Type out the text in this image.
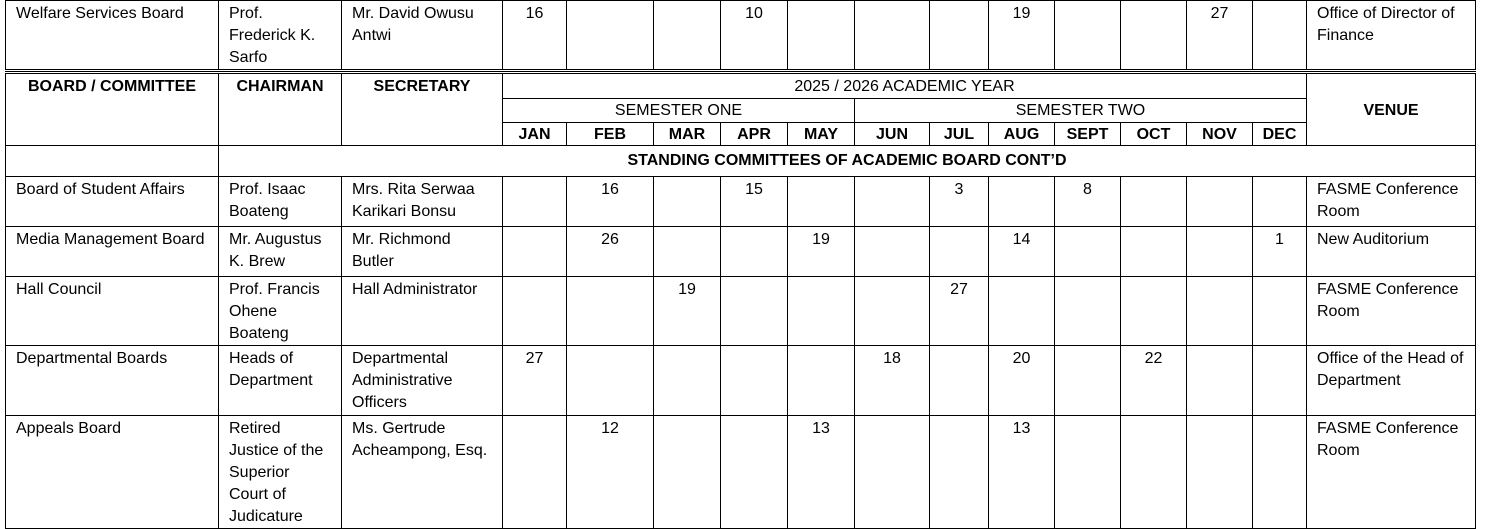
Welfare Services Board	Prof. Frederick K. Sarfo	Mr. David Owusu Antwi	16			10				19			27		Office of Director of Finance
BOARD / COMMITTEE	CHAIRMAN	SECRETARY	2025 / 2026 ACADEMIC YEAR												VENUE
			SEMESTER ONE					SEMESTER TWO							
			JAN	FEB	MAR	APR	MAY	JUN	JUL	AUG	SEPT	OCT	NOV	DEC	
	STANDING COMMITTEES OF ACADEMIC BOARD CONT’D														
Board of Student Affairs	Prof. Isaac Boateng	Mrs. Rita Serwaa Karikari Bonsu		16		15			3		8				FASME Conference Room
Media Management Board	Mr. Augustus K. Brew	Mr. Richmond Butler		26			19			14				1	New Auditorium
Hall Council	Prof. Francis Ohene Boateng	Hall Administrator			19				27						FASME Conference Room
Departmental Boards	Heads of Department	Departmental Administrative Officers	27					18		20		22			Office of the Head of Department
Appeals Board	Retired Justice of the Superior Court of Judicature	Ms. Gertrude Acheampong, Esq.		12			13			13					FASME Conference Room
